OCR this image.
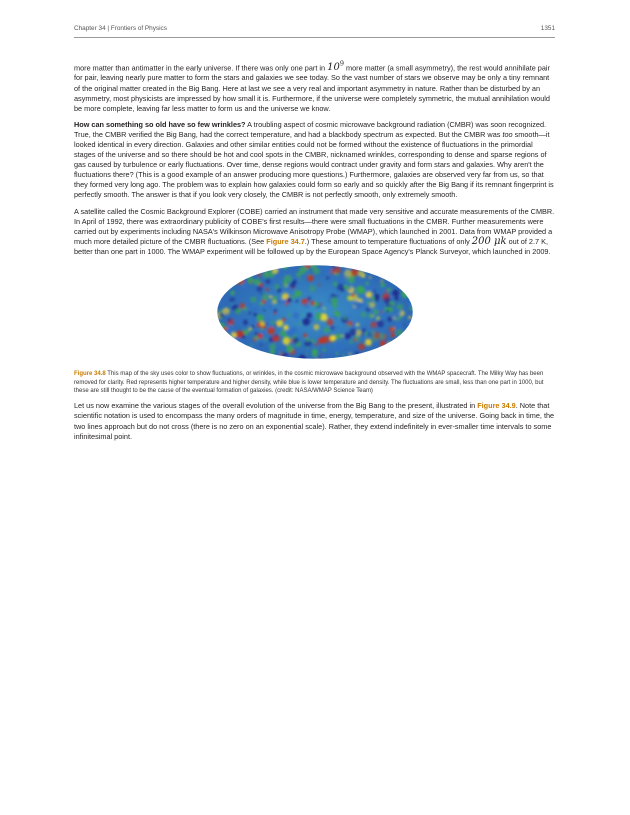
Chapter 34 | Frontiers of Physics	1351

more matter than antimatter in the early universe. If there was only one part in $10^9$ more matter (a small asymmetry), the rest would annihilate pair for pair, leaving nearly pure matter to form the stars and galaxies we see today. So the vast number of stars we observe may be only a tiny remnant of the original matter created in the Big Bang. Here at last we see a very real and important asymmetry in nature. Rather than be disturbed by an asymmetry, most physicists are impressed by how small it is. Furthermore, if the universe were completely symmetric, the mutual annihilation would be more complete, leaving far less matter to form us and the universe we know.

How can something so old have so few wrinkles? A troubling aspect of cosmic microwave background radiation (CMBR) was soon recognized. True, the CMBR verified the Big Bang, had the correct temperature, and had a blackbody spectrum as expected. But the CMBR was too smooth—it looked identical in every direction. Galaxies and other similar entities could not be formed without the existence of fluctuations in the primordial stages of the universe and so there should be hot and cool spots in the CMBR, nicknamed wrinkles, corresponding to dense and sparse regions of gas caused by turbulence or early fluctuations. Over time, dense regions would contract under gravity and form stars and galaxies. Why aren't the fluctuations there? (This is a good example of an answer producing more questions.) Furthermore, galaxies are observed very far from us, so that they formed very long ago. The problem was to explain how galaxies could form so early and so quickly after the Big Bang if its remnant fingerprint is perfectly smooth. The answer is that if you look very closely, the CMBR is not perfectly smooth, only extremely smooth.

A satellite called the Cosmic Background Explorer (COBE) carried an instrument that made very sensitive and accurate measurements of the CMBR. In April of 1992, there was extraordinary publicity of COBE's first results—there were small fluctuations in the CMBR. Further measurements were carried out by experiments including NASA's Wilkinson Microwave Anisotropy Probe (WMAP), which launched in 2001. Data from WMAP provided a much more detailed picture of the CMBR fluctuations. (See Figure 34.7.) These amount to temperature fluctuations of only 200 μk out of 2.7 K, better than one part in 1000. The WMAP experiment will be followed up by the European Space Agency's Planck Surveyor, which launched in 2009.

Figure 34.8 This map of the sky uses color to show fluctuations, or wrinkles, in the cosmic microwave background observed with the WMAP spacecraft. The Milky Way has been removed for clarity. Red represents higher temperature and higher density, while blue is lower temperature and density. The fluctuations are small, less than one part in 1000, but these are still thought to be the cause of the eventual formation of galaxies. (credit: NASA/WMAP Science Team)

Let us now examine the various stages of the overall evolution of the universe from the Big Bang to the present, illustrated in Figure 34.9. Note that scientific notation is used to encompass the many orders of magnitude in time, energy, temperature, and size of the universe. Going back in time, the two lines approach but do not cross (there is no zero on an exponential scale). Rather, they extend indefinitely in ever-smaller time intervals to some infinitesimal point.
